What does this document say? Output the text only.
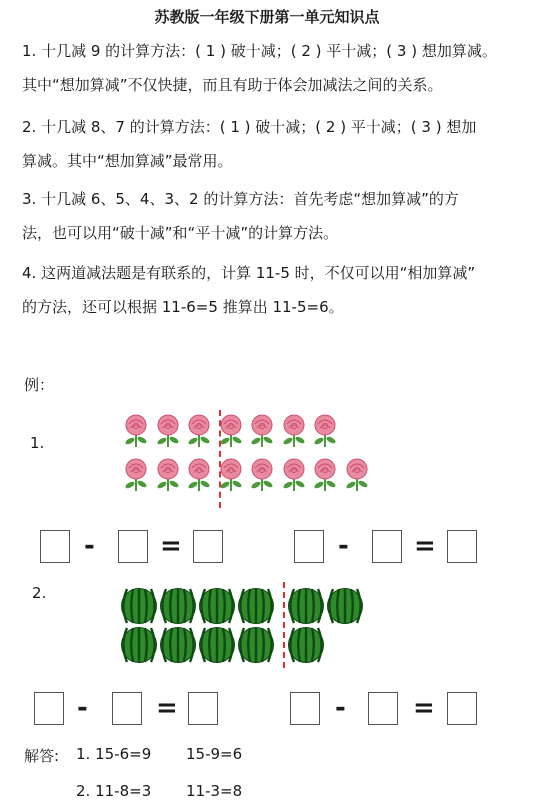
苏教版一年级下册第一单元知识点
1. 十几减 9 的计算方法：( 1 ) 破十减；( 2 ) 平十减；( 3 ) 想加算减。
其中“想加算减”不仅快捷，而且有助于体会加减法之间的关系。
2. 十几减 8、7 的计算方法：( 1 ) 破十减；( 2 ) 平十减；( 3 ) 想加
算减。其中“想加算减”最常用。
3. 十几减 6、5、4、3、2 的计算方法：首先考虑“想加算减”的方
法，也可以用“破十减”和“平十减”的计算方法。
4. 这两道减法题是有联系的，计算 11-5 时，不仅可以用“相加算减”
的方法，还可以根据 11-6=5 推算出 11-5=6。
例：
1.
-	=	-	=
2.
-	=	-	=
解答: 1. 15-6=9 15-9=6
2. 11-8=3 11-3=8
